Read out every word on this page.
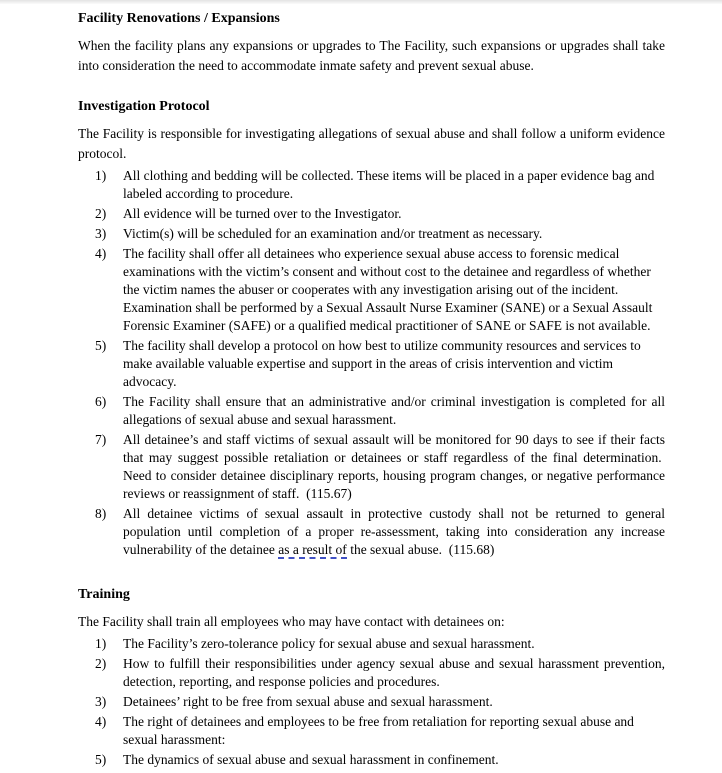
Facility Renovations / Expansions
When the facility plans any expansions or upgrades to The Facility, such expansions or upgrades shall take into consideration the need to accommodate inmate safety and prevent sexual abuse.
Investigation Protocol
The Facility is responsible for investigating allegations of sexual abuse and shall follow a uniform evidence protocol.
1)	All clothing and bedding will be collected. These items will be placed in a paper evidence bag and labeled according to procedure.
2)	All evidence will be turned over to the Investigator.
3)	Victim(s) will be scheduled for an examination and/or treatment as necessary.
4)	The facility shall offer all detainees who experience sexual abuse access to forensic medical examinations with the victim’s consent and without cost to the detainee and regardless of whether the victim names the abuser or cooperates with any investigation arising out of the incident. Examination shall be performed by a Sexual Assault Nurse Examiner (SANE) or a Sexual Assault Forensic Examiner (SAFE) or a qualified medical practitioner of SANE or SAFE is not available.
5)	The facility shall develop a protocol on how best to utilize community resources and services to make available valuable expertise and support in the areas of crisis intervention and victim advocacy.
6)	The Facility shall ensure that an administrative and/or criminal investigation is completed for all allegations of sexual abuse and sexual harassment.
7)	All detainee’s and staff victims of sexual assault will be monitored for 90 days to see if their facts that may suggest possible retaliation or detainees or staff regardless of the final determination.  Need to consider detainee disciplinary reports, housing program changes, or negative performance reviews or reassignment of staff.  (115.67)
8)	All detainee victims of sexual assault in protective custody shall not be returned to general population until completion of a proper re-assessment, taking into consideration any increase vulnerability of the detainee as a result of the sexual abuse.  (115.68)
Training
The Facility shall train all employees who may have contact with detainees on:
1)	The Facility’s zero-tolerance policy for sexual abuse and sexual harassment.
2)	How to fulfill their responsibilities under agency sexual abuse and sexual harassment prevention, detection, reporting, and response policies and procedures.
3)	Detainees’ right to be free from sexual abuse and sexual harassment.
4)	The right of detainees and employees to be free from retaliation for reporting sexual abuse and sexual harassment:
5)	The dynamics of sexual abuse and sexual harassment in confinement.
